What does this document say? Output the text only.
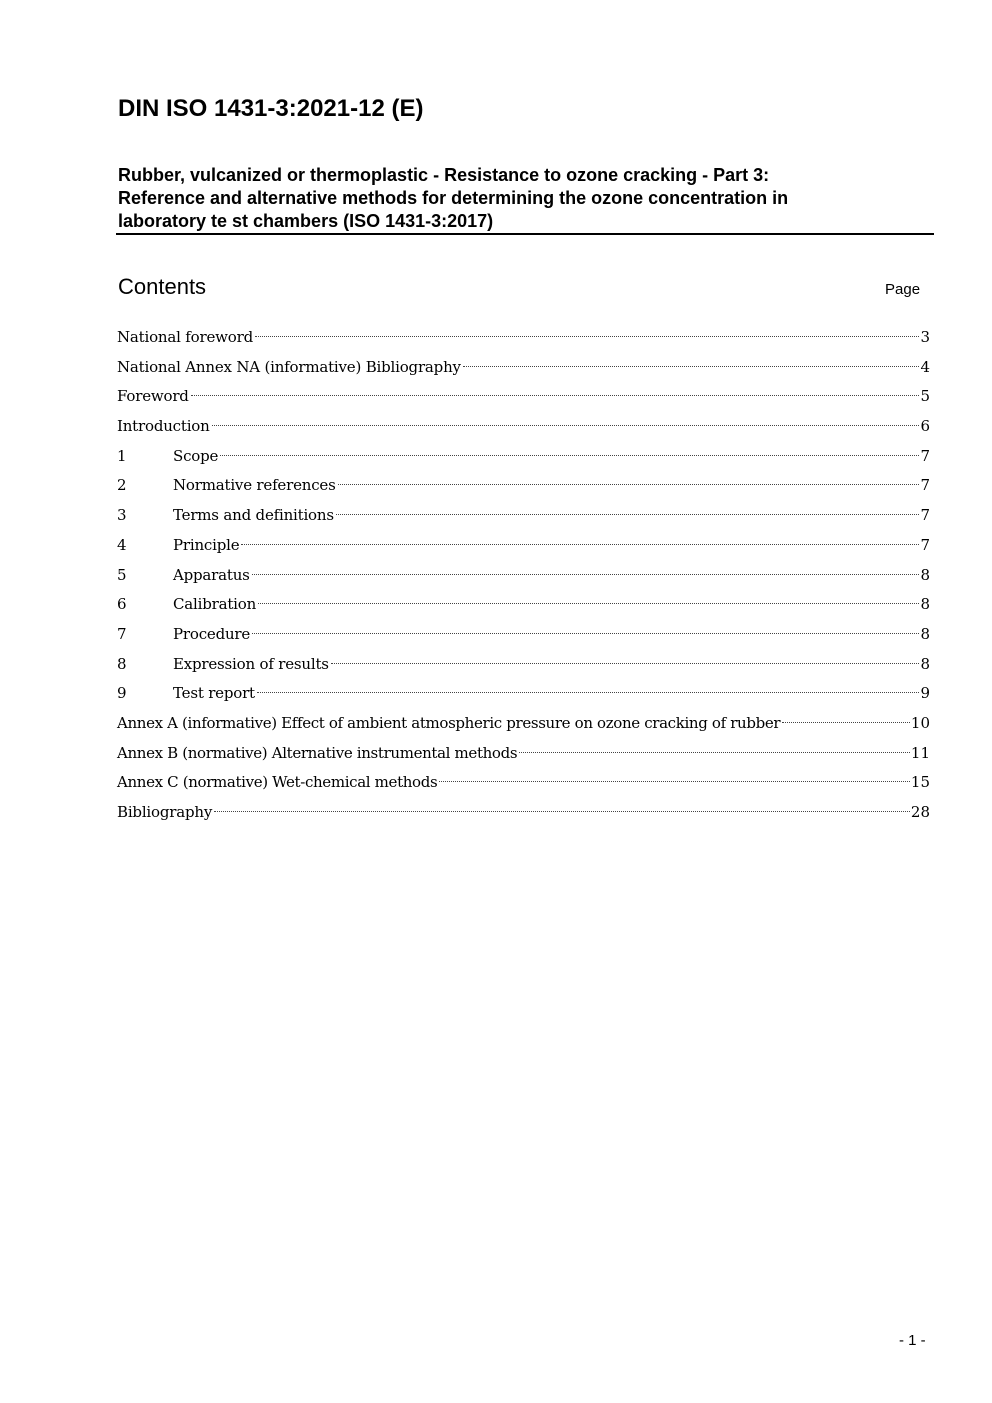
DIN ISO 1431-3:2021-12 (E)
Rubber, vulcanized or thermoplastic - Resistance to ozone cracking - Part 3:
Reference and alternative methods for determining the ozone concentration in
laboratory te st chambers (ISO 1431-3:2017)
Contents	Page
National foreword	3
National Annex NA (informative) Bibliography	4
Foreword	5
Introduction	6
1	Scope	7
2	Normative references	7
3	Terms and definitions	7
4	Principle	7
5	Apparatus	8
6	Calibration	8
7	Procedure	8
8	Expression of results	8
9	Test report	9
Annex A (informative) Effect of ambient atmospheric pressure on ozone cracking of rubber	10
Annex B (normative) Alternative instrumental methods	11
Annex C (normative) Wet-chemical methods	15
Bibliography	28
- 1 -
